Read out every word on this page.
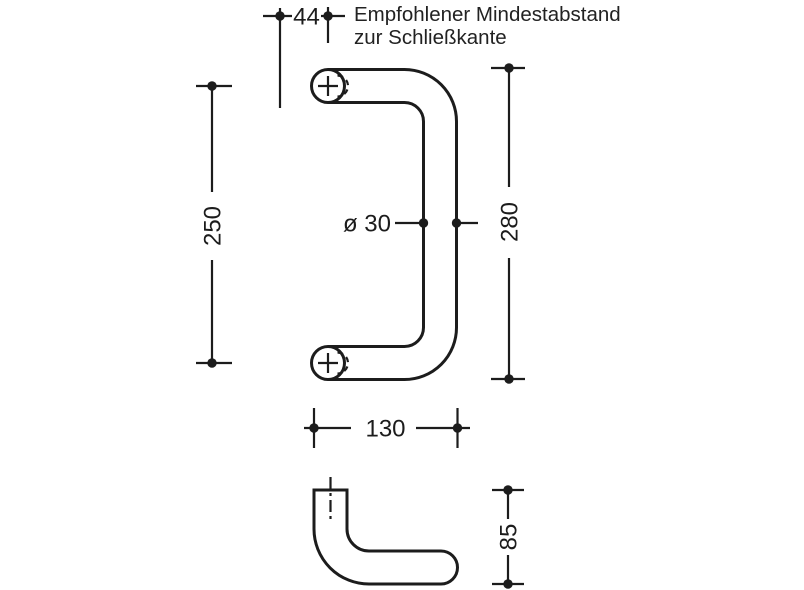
44 Empfohlener Mindestabstand
zur Schließkante
250	280
ø 30
130
85
